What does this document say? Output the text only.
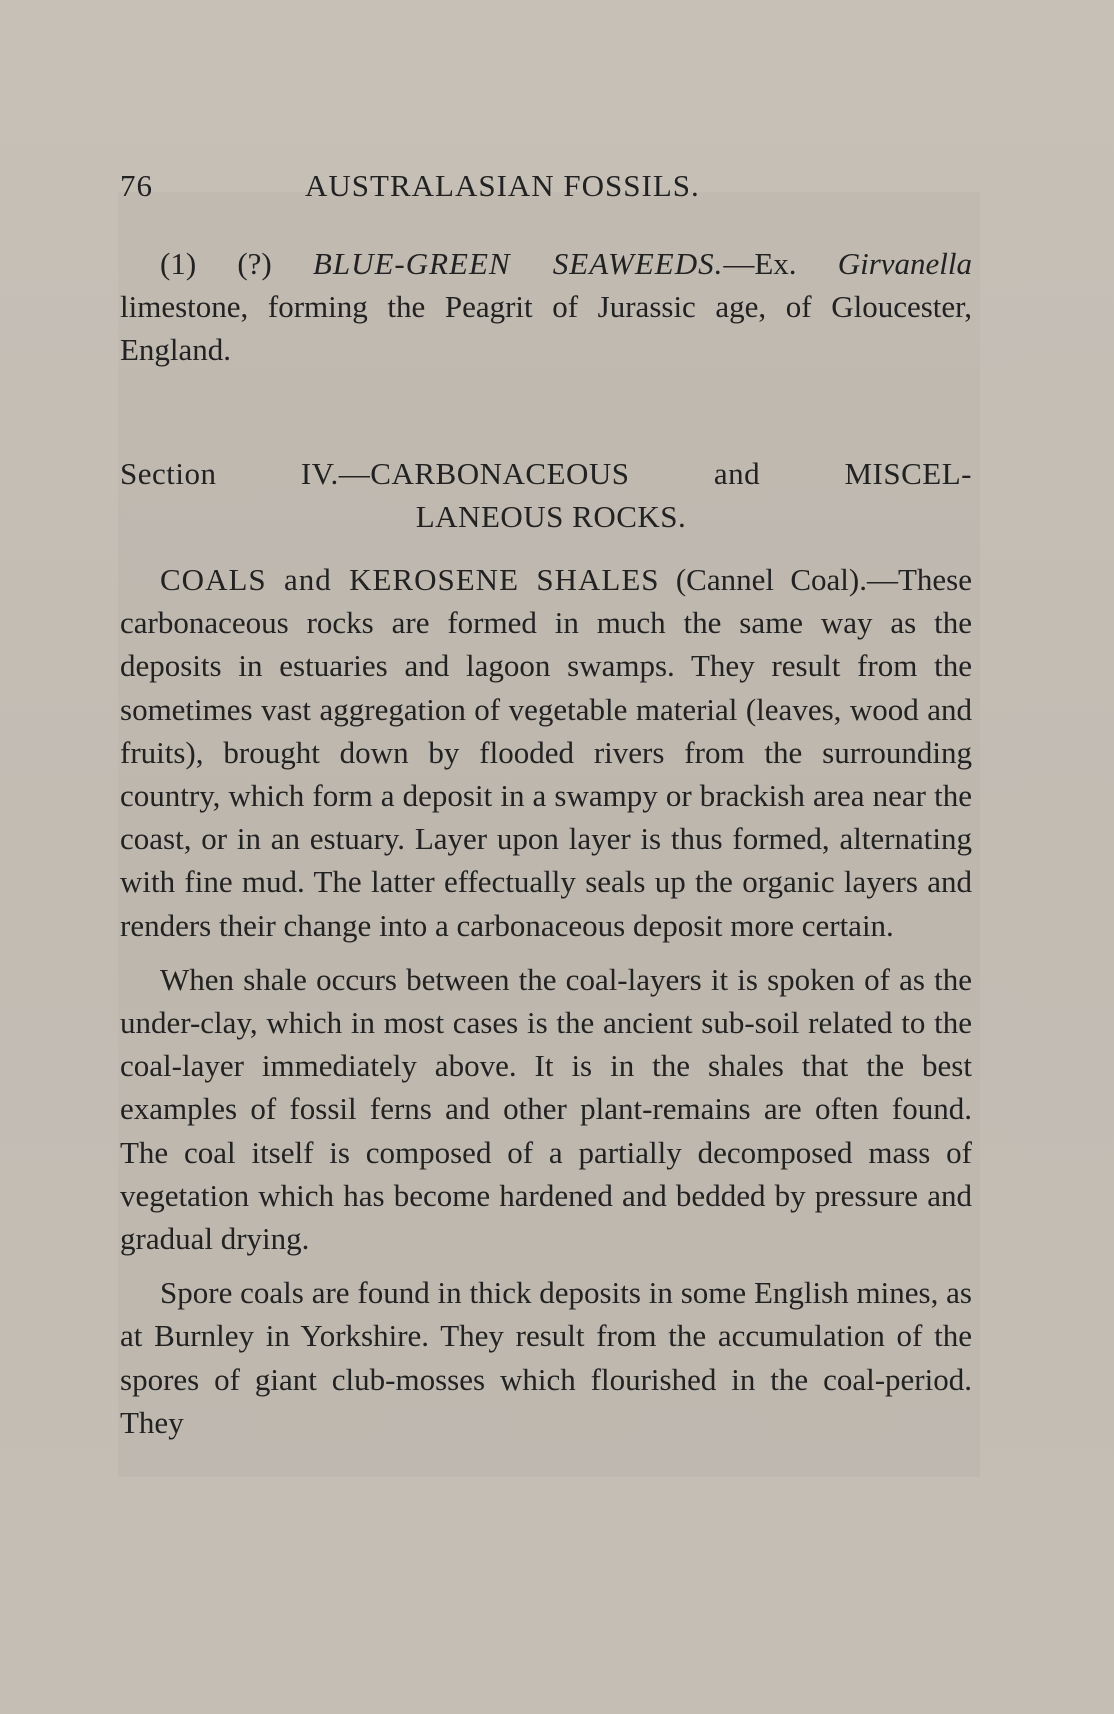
76	AUSTRALASIAN FOSSILS.

(1) (?) BLUE-GREEN SEAWEEDS.—Ex. Girvanella limestone, forming the Peagrit of Jurassic age, of Gloucester, England.

Section IV.—CARBONACEOUS and MISCEL-

LANEOUS ROCKS.

COALS and KEROSENE SHALES (Cannel Coal).—These carbonaceous rocks are formed in much the same way as the deposits in estuaries and lagoon swamps. They result from the sometimes vast aggregation of vegetable material (leaves, wood and fruits), brought down by flooded rivers from the surrounding country, which form a deposit in a swampy or brackish area near the coast, or in an estuary. Layer upon layer is thus formed, alternating with fine mud. The latter effectually seals up the organic layers and renders their change into a carbonaceous deposit more certain.

When shale occurs between the coal-layers it is spoken of as the under-clay, which in most cases is the ancient sub-soil related to the coal-layer immediately above. It is in the shales that the best examples of fossil ferns and other plant-remains are often found. The coal itself is composed of a partially decomposed mass of vegetation which has become hardened and bedded by pressure and gradual drying.

Spore coals are found in thick deposits in some English mines, as at Burnley in Yorkshire. They result from the accumulation of the spores of giant club-mosses which flourished in the coal-period. They
